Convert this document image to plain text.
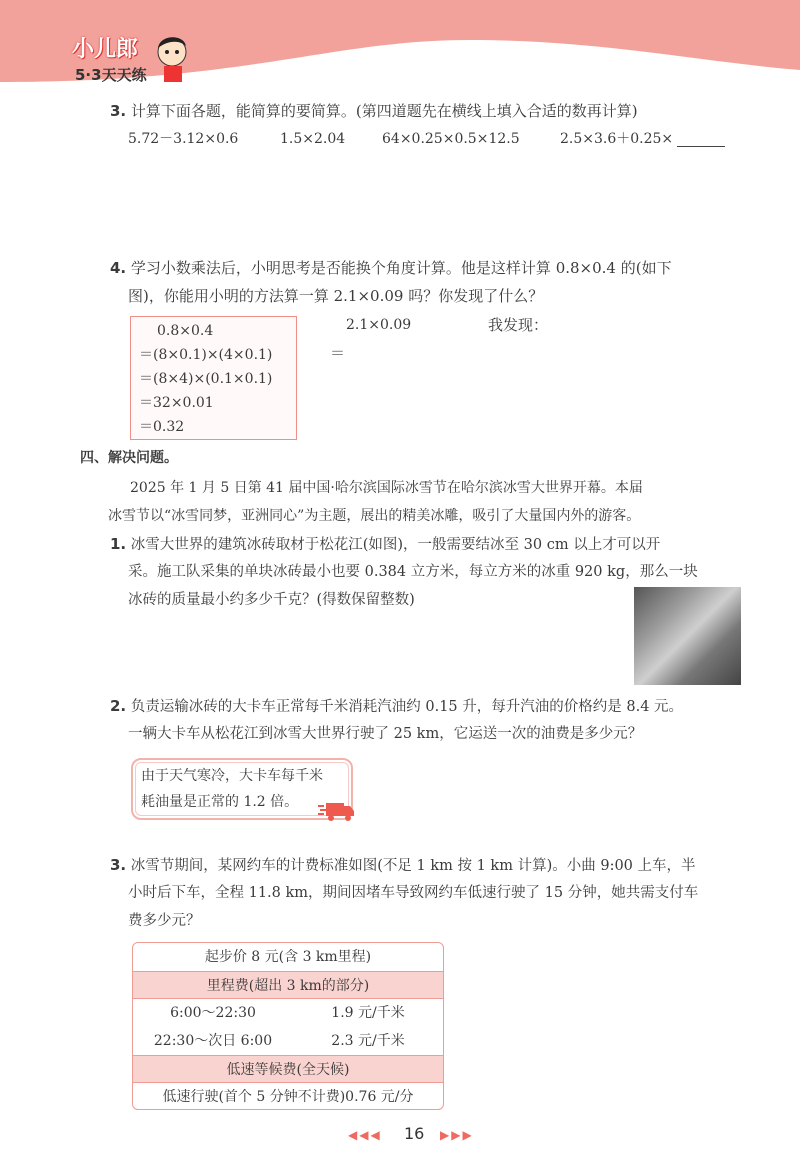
小儿郎
5·3天天练
3. 计算下面各题，能简算的要简算。(第四道题先在横线上填入合适的数再计算)
5.72－3.12×0.6	1.5×2.04	64×0.25×0.5×12.5	2.5×3.6＋0.25×
4. 学习小数乘法后，小明思考是否能换个角度计算。他是这样计算 0.8×0.4 的(如下
图)，你能用小明的方法算一算 2.1×0.09 吗？你发现了什么？
0.8×0.4
＝(8×0.1)×(4×0.1)
＝(8×4)×(0.1×0.1)
＝32×0.01
＝0.32
2.1×0.09
＝
我发现：
四、解决问题。
2025 年 1 月 5 日第 41 届中国·哈尔滨国际冰雪节在哈尔滨冰雪大世界开幕。本届
冰雪节以“冰雪同梦，亚洲同心”为主题，展出的精美冰雕，吸引了大量国内外的游客。
1. 冰雪大世界的建筑冰砖取材于松花江(如图)，一般需要结冰至 30 cm 以上才可以开
采。施工队采集的单块冰砖最小也要 0.384 立方米，每立方米的冰重 920 kg，那么一块
冰砖的质量最小约多少千克？(得数保留整数)
2. 负责运输冰砖的大卡车正常每千米消耗汽油约 0.15 升，每升汽油的价格约是 8.4 元。
一辆大卡车从松花江到冰雪大世界行驶了 25 km，它运送一次的油费是多少元？
由于天气寒冷，大卡车每千米
耗油量是正常的 1.2 倍。
3. 冰雪节期间，某网约车的计费标准如图(不足 1 km 按 1 km 计算)。小曲 9:00 上车，半
小时后下车，全程 11.8 km，期间因堵车导致网约车低速行驶了 15 分钟，她共需支付车
费多少元？
起步价 8 元(含 3 km里程)
里程费(超出 3 km的部分)
6:00～22:30	1.9 元/千米
22:30～次日 6:00	2.3 元/千米
低速等候费(全天候)
低速行驶(首个 5 分钟不计费)0.76 元/分
◀◀◀ 16 ▶▶▶
